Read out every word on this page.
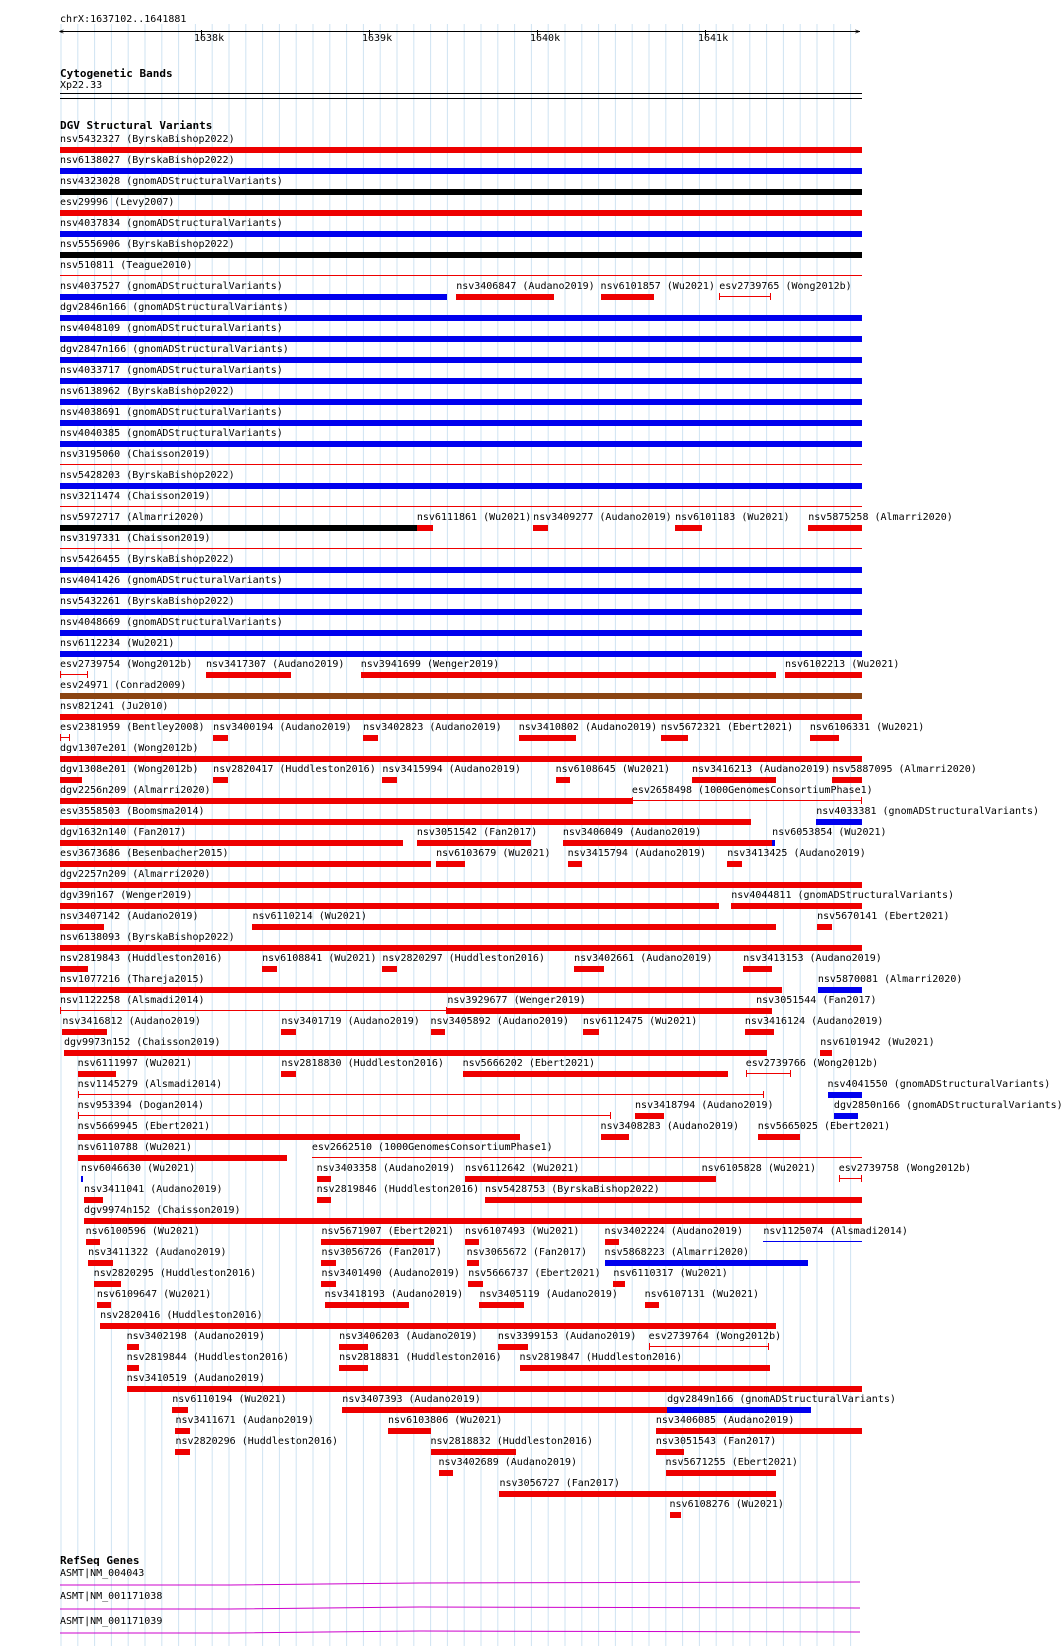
chrX:1637102..1641881
<	>
1638k	1639k	1640k	1641k
Cytogenetic Bands
Xp22.33
DGV Structural Variants
nsv5432327 (ByrskaBishop2022)
nsv6138027 (ByrskaBishop2022)
nsv4323028 (gnomADStructuralVariants)
esv29996 (Levy2007)
nsv4037834 (gnomADStructuralVariants)
nsv5556906 (ByrskaBishop2022)
nsv510811 (Teague2010)
nsv4037527 (gnomADStructuralVariants)	nsv3406847 (Audano2019) nsv6101857 (Wu2021) esv2739765 (Wong2012b)
dgv2846n166 (gnomADStructuralVariants)
nsv4048109 (gnomADStructuralVariants)
dgv2847n166 (gnomADStructuralVariants)
nsv4033717 (gnomADStructuralVariants)
nsv6138962 (ByrskaBishop2022)
nsv4038691 (gnomADStructuralVariants)
nsv4040385 (gnomADStructuralVariants)
nsv3195060 (Chaisson2019)
nsv5428203 (ByrskaBishop2022)
nsv3211474 (Chaisson2019)
nsv5972717 (Almarri2020)	nsv6111861 (Wu2021) nsv3409277 (Audano2019) nsv6101183 (Wu2021) nsv5875258 (Almarri2020)
nsv3197331 (Chaisson2019)
nsv5426455 (ByrskaBishop2022)
nsv4041426 (gnomADStructuralVariants)
nsv5432261 (ByrskaBishop2022)
nsv4048669 (gnomADStructuralVariants)
nsv6112234 (Wu2021)
esv2739754 (Wong2012b) nsv3417307 (Audano2019) nsv3941699 (Wenger2019)	nsv6102213 (Wu2021)
esv24971 (Conrad2009)
nsv821241 (Ju2010)
esv2381959 (Bentley2008) nsv3400194 (Audano2019) nsv3402823 (Audano2019) nsv3410802 (Audano2019) nsv5672321 (Ebert2021) nsv6106331 (Wu2021)
dgv1307e201 (Wong2012b)
dgv1308e201 (Wong2012b) nsv2820417 (Huddleston2016) nsv3415994 (Audano2019)	nsv6108645 (Wu2021) nsv3416213 (Audano2019) nsv5887095 (Almarri2020)
dgv2256n209 (Almarri2020)	esv2658498 (1000GenomesConsortiumPhase1)
esv3558503 (Boomsma2014)	nsv4033381 (gnomADStructuralVariants)
dgv1632n140 (Fan2017)	nsv3051542 (Fan2017)	nsv3406049 (Audano2019)	nsv6053854 (Wu2021)
esv3673686 (Besenbacher2015)	nsv6103679 (Wu2021) nsv3415794 (Audano2019) nsv3413425 (Audano2019)
dgv2257n209 (Almarri2020)
dgv39n167 (Wenger2019)	nsv4044811 (gnomADStructuralVariants)
nsv3407142 (Audano2019)	nsv6110214 (Wu2021)	nsv5670141 (Ebert2021)
nsv6138093 (ByrskaBishop2022)
nsv2819843 (Huddleston2016)	nsv6108841 (Wu2021) nsv2820297 (Huddleston2016)	nsv3402661 (Audano2019)	nsv3413153 (Audano2019)
nsv1077216 (Thareja2015)	nsv5870081 (Almarri2020)
nsv1122258 (Alsmadi2014)	nsv3929677 (Wenger2019)	nsv3051544 (Fan2017)
nsv3416812 (Audano2019)	nsv3401719 (Audano2019) nsv3405892 (Audano2019) nsv6112475 (Wu2021)	nsv3416124 (Audano2019)
dgv9973n152 (Chaisson2019)	nsv6101942 (Wu2021)
nsv6111997 (Wu2021)	nsv2818830 (Huddleston2016) nsv5666202 (Ebert2021)	esv2739766 (Wong2012b)
nsv1145279 (Alsmadi2014)	nsv4041550 (gnomADStructuralVariants)
nsv953394 (Dogan2014)	nsv3418794 (Audano2019)	dgv2850n166 (gnomADStructuralVariants)
nsv5669945 (Ebert2021)	nsv3408283 (Audano2019) nsv5665025 (Ebert2021)
nsv6110788 (Wu2021)	esv2662510 (1000GenomesConsortiumPhase1)
nsv6046630 (Wu2021)	nsv3403358 (Audano2019) nsv6112642 (Wu2021)	nsv6105828 (Wu2021) esv2739758 (Wong2012b)
nsv3411041 (Audano2019)	nsv2819846 (Huddleston2016) nsv5428753 (ByrskaBishop2022)
dgv9974n152 (Chaisson2019)
nsv6100596 (Wu2021)	nsv5671907 (Ebert2021) nsv6107493 (Wu2021)	nsv3402224 (Audano2019) nsv1125074 (Alsmadi2014)
nsv3411322 (Audano2019)	nsv3056726 (Fan2017) nsv3065672 (Fan2017) nsv5868223 (Almarri2020)
nsv2820295 (Huddleston2016)	nsv3401490 (Audano2019) nsv5666737 (Ebert2021) nsv6110317 (Wu2021)
nsv6109647 (Wu2021)	nsv3418193 (Audano2019) nsv3405119 (Audano2019)	nsv6107131 (Wu2021)
nsv2820416 (Huddleston2016)
nsv3402198 (Audano2019)	nsv3406203 (Audano2019) nsv3399153 (Audano2019) esv2739764 (Wong2012b)
nsv2819844 (Huddleston2016)	nsv2818831 (Huddleston2016) nsv2819847 (Huddleston2016)
nsv3410519 (Audano2019)
nsv6110194 (Wu2021)	nsv3407393 (Audano2019)	dgv2849n166 (gnomADStructuralVariants)
nsv3411671 (Audano2019)	nsv6103806 (Wu2021)	nsv3406085 (Audano2019)
nsv2820296 (Huddleston2016)	nsv2818832 (Huddleston2016)	nsv3051543 (Fan2017)
nsv3402689 (Audano2019)	nsv5671255 (Ebert2021)
nsv3056727 (Fan2017)
nsv6108276 (Wu2021)
RefSeq Genes
ASMT|NM_004043
ASMT|NM_001171038
ASMT|NM_001171039
